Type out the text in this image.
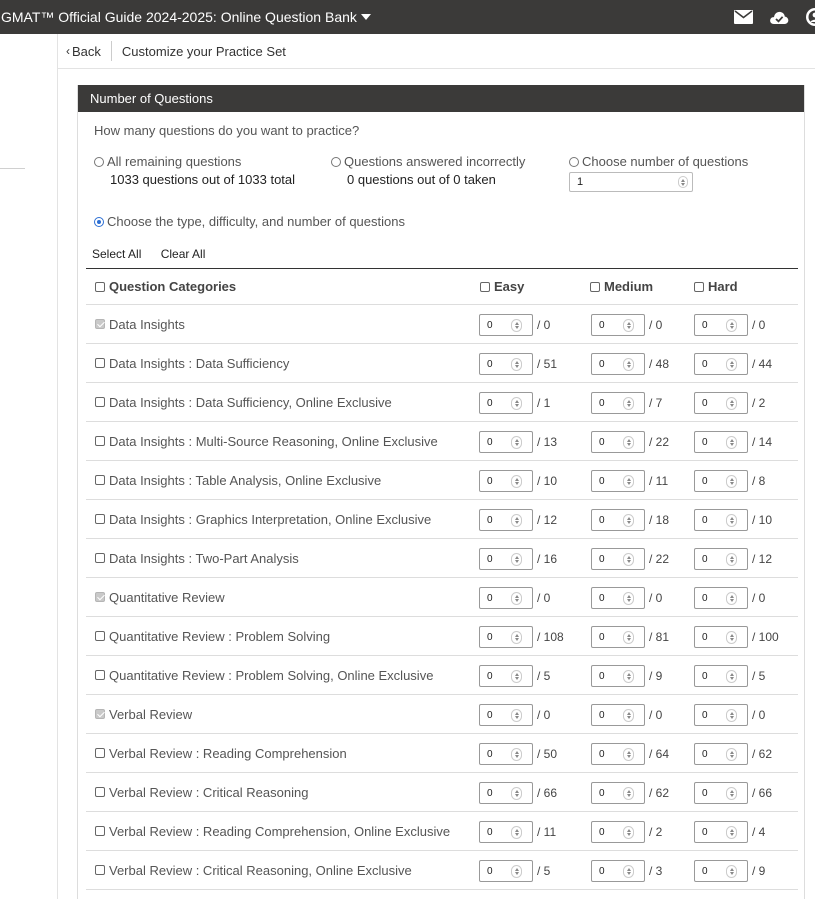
GMAT™ Official Guide 2024-2025: Online Question Bank
‹ Back	Customize your Practice Set
Number of Questions
How many questions do you want to practice?
All remaining questions
1033 questions out of 1033 total
Questions answered incorrectly
0 questions out of 0 taken
Choose number of questions
1
Choose the type, difficulty, and number of questions
Select All Clear All
Question Categories	Easy	Medium	Hard
Data Insights	0	/ 0	0	/ 0	0	/ 0
Data Insights : Data Sufficiency	0	/ 51	0	/ 48	0	/ 44
Data Insights : Data Sufficiency, Online Exclusive	0	/ 1	0	/ 7	0	/ 2
Data Insights : Multi-Source Reasoning, Online Exclusive	0	/ 13	0	/ 22	0	/ 14
Data Insights : Table Analysis, Online Exclusive	0	/ 10	0	/ 11	0	/ 8
Data Insights : Graphics Interpretation, Online Exclusive	0	/ 12	0	/ 18	0	/ 10
Data Insights : Two-Part Analysis	0	/ 16	0	/ 22	0	/ 12
Quantitative Review	0	/ 0	0	/ 0	0	/ 0
Quantitative Review : Problem Solving	0	/ 108	0	/ 81	0	/ 100
Quantitative Review : Problem Solving, Online Exclusive	0	/ 5	0	/ 9	0	/ 5
Verbal Review	0	/ 0	0	/ 0	0	/ 0
Verbal Review : Reading Comprehension	0	/ 50	0	/ 64	0	/ 62
Verbal Review : Critical Reasoning	0	/ 66	0	/ 62	0	/ 66
Verbal Review : Reading Comprehension, Online Exclusive	0	/ 11	0	/ 2	0	/ 4
Verbal Review : Critical Reasoning, Online Exclusive	0	/ 5	0	/ 3	0	/ 9
